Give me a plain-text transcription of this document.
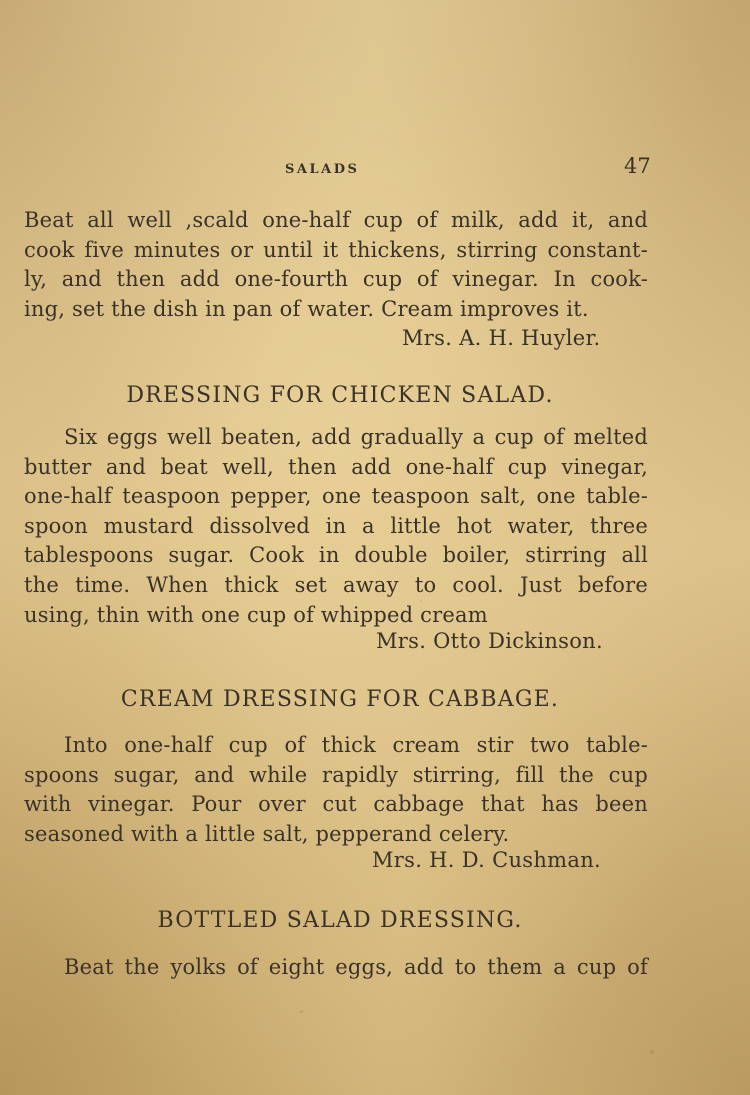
SALADS	47
Beat all well ,scald one-half cup of milk, add it, and
cook five minutes or until it thickens, stirring constant-
ly, and then add one-fourth cup of vinegar. In cook-
ing, set the dish in pan of water. Cream improves it.
Mrs. A. H. Huyler.
DRESSING FOR CHICKEN SALAD.
Six eggs well beaten, add gradually a cup of melted
butter and beat well, then add one-half cup vinegar,
one-half teaspoon pepper, one teaspoon salt, one table-
spoon mustard dissolved in a little hot water, three
tablespoons sugar. Cook in double boiler, stirring all
the time. When thick set away to cool. Just before
using, thin with one cup of whipped cream
Mrs. Otto Dickinson.
CREAM DRESSING FOR CABBAGE.
Into one-half cup of thick cream stir two table-
spoons sugar, and while rapidly stirring, fill the cup
with vinegar. Pour over cut cabbage that has been
seasoned with a little salt, pepperand celery.
Mrs. H. D. Cushman.
BOTTLED SALAD DRESSING.
Beat the yolks of eight eggs, add to them a cup of
